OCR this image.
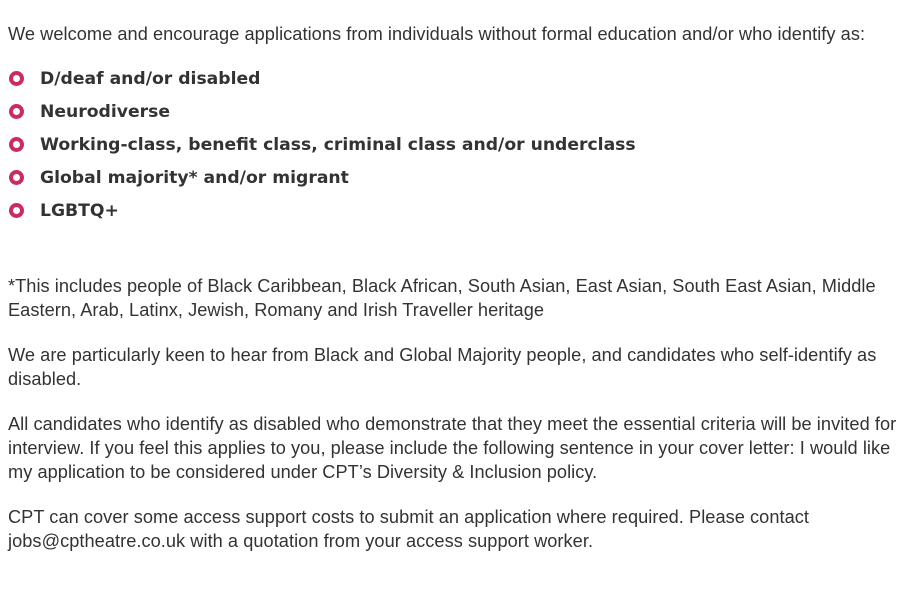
We welcome and encourage applications from individuals without formal education and/or who identify as:

D/deaf and/or disabled
Neurodiverse
Working-class, benefit class, criminal class and/or underclass
Global majority* and/or migrant
LGBTQ+

*This includes people of Black Caribbean, Black African, South Asian, East Asian, South East Asian, Middle Eastern, Arab, Latinx, Jewish, Romany and Irish Traveller heritage

We are particularly keen to hear from Black and Global Majority people, and candidates who self-identify as disabled.

All candidates who identify as disabled who demonstrate that they meet the essential criteria will be invited for interview. If you feel this applies to you, please include the following sentence in your cover letter: I would like my application to be considered under CPT’s Diversity & Inclusion policy.

CPT can cover some access support costs to submit an application where required. Please contact jobs@cptheatre.co.uk with a quotation from your access support worker.
